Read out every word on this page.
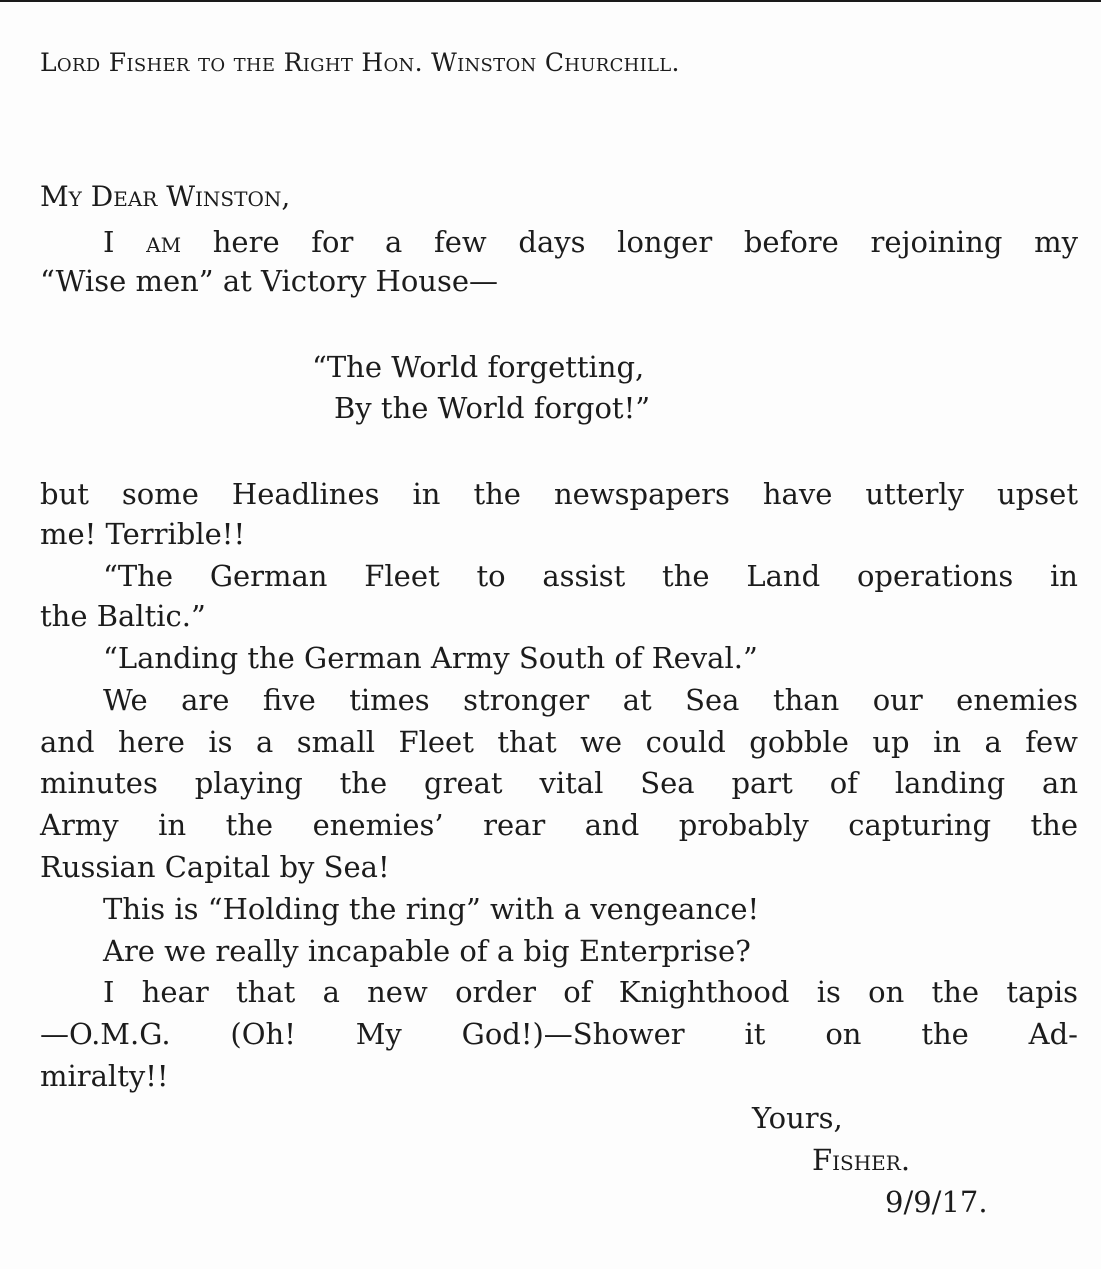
Lord Fisher to the Right Hon. Winston Churchill.
My Dear Winston,
I am here for a few days longer before rejoining my
“Wise men” at Victory House—
“The World forgetting,
By the World forgot!”
but some Headlines in the newspapers have utterly upset
me! Terrible!!
“The German Fleet to assist the Land operations in
the Baltic.”
“Landing the German Army South of Reval.”
We are five times stronger at Sea than our enemies
and here is a small Fleet that we could gobble up in a few
minutes playing the great vital Sea part of landing an
Army in the enemies’ rear and probably capturing the
Russian Capital by Sea!
This is “Holding the ring” with a vengeance!
Are we really incapable of a big Enterprise?
I hear that a new order of Knighthood is on the tapis
—O.M.G. (Oh! My God!)—Shower it on the Ad-
miralty!!
Yours,
Fisher.
9/9/17.
